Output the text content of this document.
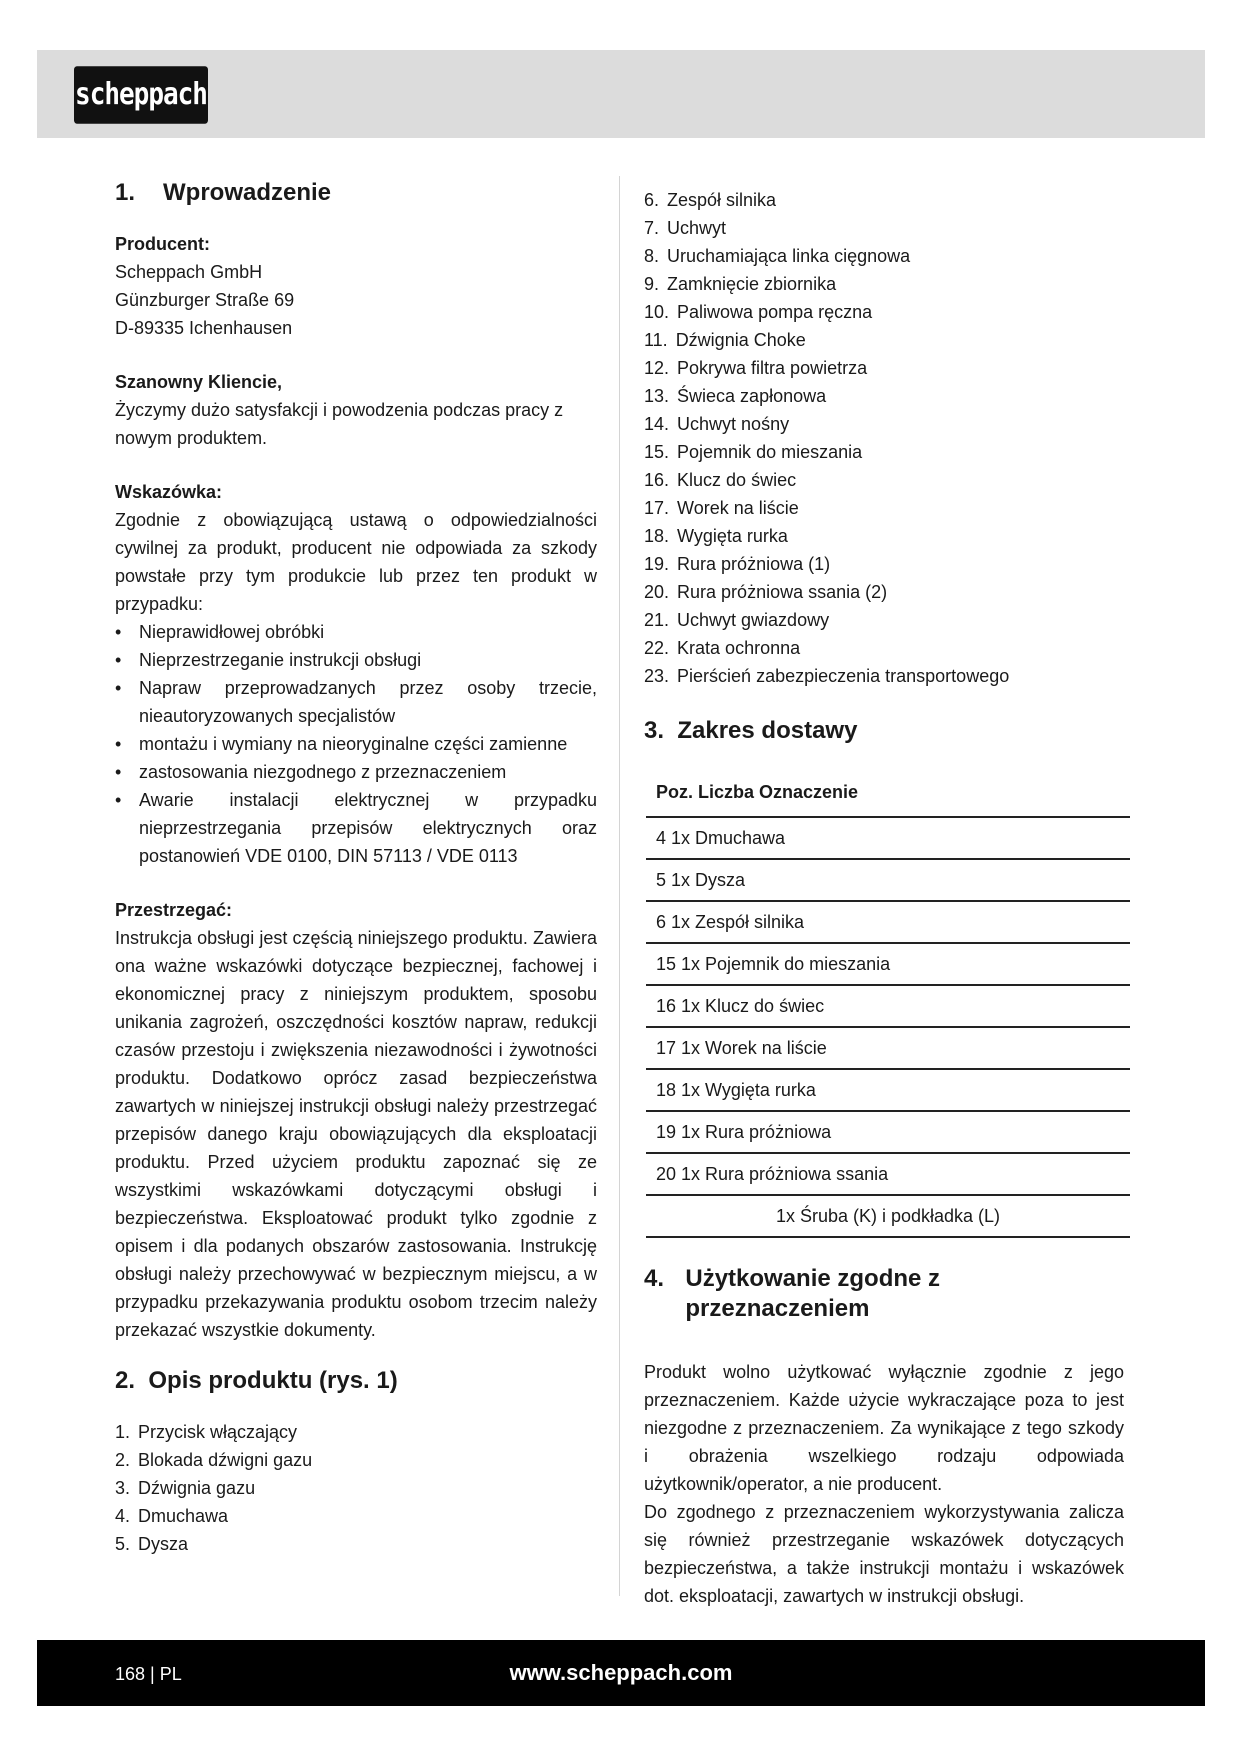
scheppach
1.	Wprowadzenie

Producent:

Scheppach GmbH

Günzburger Straße 69

D-89335 Ichenhausen

Szanowny Kliencie,

Życzymy dużo satysfakcji i powodzenia podczas pracy z nowym produktem.

Wskazówka:

Zgodnie z obowiązującą ustawą o odpowiedzialności cywilnej za produkt, producent nie odpowiada za szkody powstałe przy tym produkcie lub przez ten produkt w przypadku:

• Nieprawidłowej obróbki
• Nieprzestrzeganie instrukcji obsługi
• Napraw przeprowadzanych przez osoby trzecie, nieautoryzowanych specjalistów
• montażu i wymiany na nieoryginalne części zamienne
• zastosowania niezgodnego z przeznaczeniem
• Awarie instalacji elektrycznej w przypadku nieprzestrzegania przepisów elektrycznych oraz postanowień VDE 0100, DIN 57113 / VDE 0113

Przestrzegać:

Instrukcja obsługi jest częścią niniejszego produktu. Zawiera ona ważne wskazówki dotyczące bezpiecznej, fachowej i ekonomicznej pracy z niniejszym produktem, sposobu unikania zagrożeń, oszczędności kosztów napraw, redukcji czasów przestoju i zwiększenia niezawodności i żywotności produktu. Dodatkowo oprócz zasad bezpieczeństwa zawartych w niniejszej instrukcji obsługi należy przestrzegać przepisów danego kraju obowiązujących dla eksploatacji produktu. Przed użyciem produktu zapoznać się ze wszystkimi wskazówkami dotyczącymi obsługi i bezpieczeństwa. Eksploatować produkt tylko zgodnie z opisem i dla podanych obszarów zastosowania. Instrukcję obsługi należy przechowywać w bezpiecznym miejscu, a w przypadku przekazywania produktu osobom trzecim należy przekazać wszystkie dokumenty.

2. Opis produktu (rys. 1)
1. Przycisk włączający
2. Blokada dźwigni gazu
3. Dźwignia gazu
4. Dmuchawa
5. Dysza
6. Zespół silnika
7. Uchwyt
8. Uruchamiająca linka cięgnowa
9. Zamknięcie zbiornika
10. Paliwowa pompa ręczna
11. Dźwignia Choke
12. Pokrywa filtra powietrza
13. Świeca zapłonowa
14. Uchwyt nośny
15. Pojemnik do mieszania
16. Klucz do świec
17. Worek na liście
18. Wygięta rurka
19. Rura próżniowa (1)
20. Rura próżniowa ssania (2)
21. Uchwyt gwiazdowy
22. Krata ochronna
23. Pierścień zabezpieczenia transportowego
3. Zakres dostawy
Poz. Liczba Oznaczenie
4 1x Dmuchawa
5 1x Dysza
6 1x Zespół silnika
15 1x Pojemnik do mieszania
16 1x Klucz do świec
17 1x Worek na liście
18 1x Wygięta rurka
19 1x Rura próżniowa
20 1x Rura próżniowa ssania
1x Śruba (K) i podkładka (L)
4. Użytkowanie zgodne z przeznaczeniem

Produkt wolno użytkować wyłącznie zgodnie z jego przeznaczeniem. Każde użycie wykraczające poza to jest niezgodne z przeznaczeniem. Za wynikające z tego szkody i obrażenia wszelkiego rodzaju odpowiada użytkownik/operator, a nie producent.

Do zgodnego z przeznaczeniem wykorzystywania zalicza się również przestrzeganie wskazówek dotyczących bezpieczeństwa, a także instrukcji montażu i wskazówek dot. eksploatacji, zawartych w instrukcji obsługi.

168 | PL	www.scheppach.com
